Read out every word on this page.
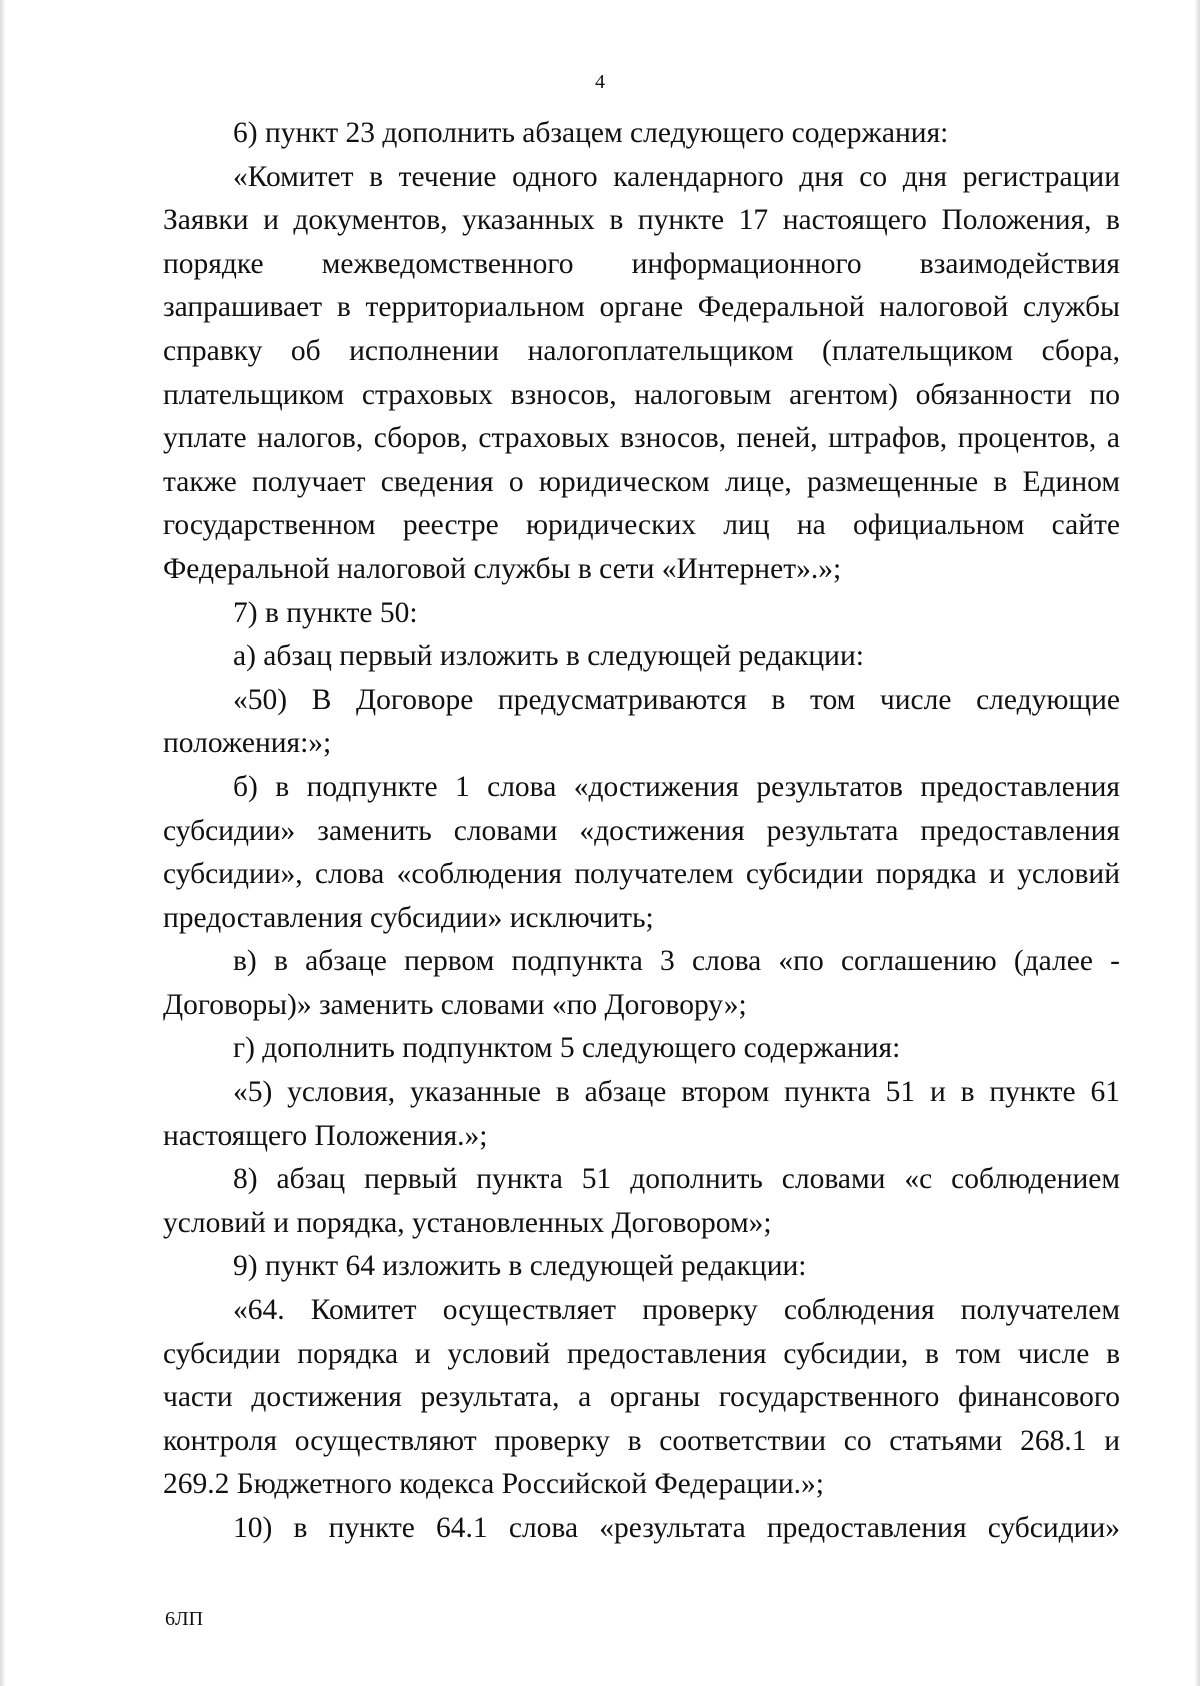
4

6) пункт 23 дополнить абзацем следующего содержания:

«Комитет в течение одного календарного дня со дня регистрации

Заявки и документов, указанных в пункте 17 настоящего Положения, в

порядке межведомственного информационного взаимодействия

запрашивает в территориальном органе Федеральной налоговой службы

справку об исполнении налогоплательщиком (плательщиком сбора,

плательщиком страховых взносов, налоговым агентом) обязанности по

уплате налогов, сборов, страховых взносов, пеней, штрафов, процентов, а

также получает сведения о юридическом лице, размещенные в Едином

государственном реестре юридических лиц на официальном сайте

Федеральной налоговой службы в сети «Интернет».»;

7) в пункте 50:

а) абзац первый изложить в следующей редакции:

«50) В Договоре предусматриваются в том числе следующие

положения:»;

б) в подпункте 1 слова «достижения результатов предоставления

субсидии» заменить словами «достижения результата предоставления

субсидии», слова «соблюдения получателем субсидии порядка и условий

предоставления субсидии» исключить;

в) в абзаце первом подпункта 3 слова «по соглашению (далее -

Договоры)» заменить словами «по Договору»;

г) дополнить подпунктом 5 следующего содержания:

«5) условия, указанные в абзаце втором пункта 51 и в пункте 61

настоящего Положения.»;

8) абзац первый пункта 51 дополнить словами «с соблюдением

условий и порядка, установленных Договором»;

9) пункт 64 изложить в следующей редакции:

«64. Комитет осуществляет проверку соблюдения получателем

субсидии порядка и условий предоставления субсидии, в том числе в

части достижения результата, а органы государственного финансового

контроля осуществляют проверку в соответствии со статьями 268.1 и

269.2 Бюджетного кодекса Российской Федерации.»;

10) в пункте 64.1 слова «результата предоставления субсидии»

6ЛП
